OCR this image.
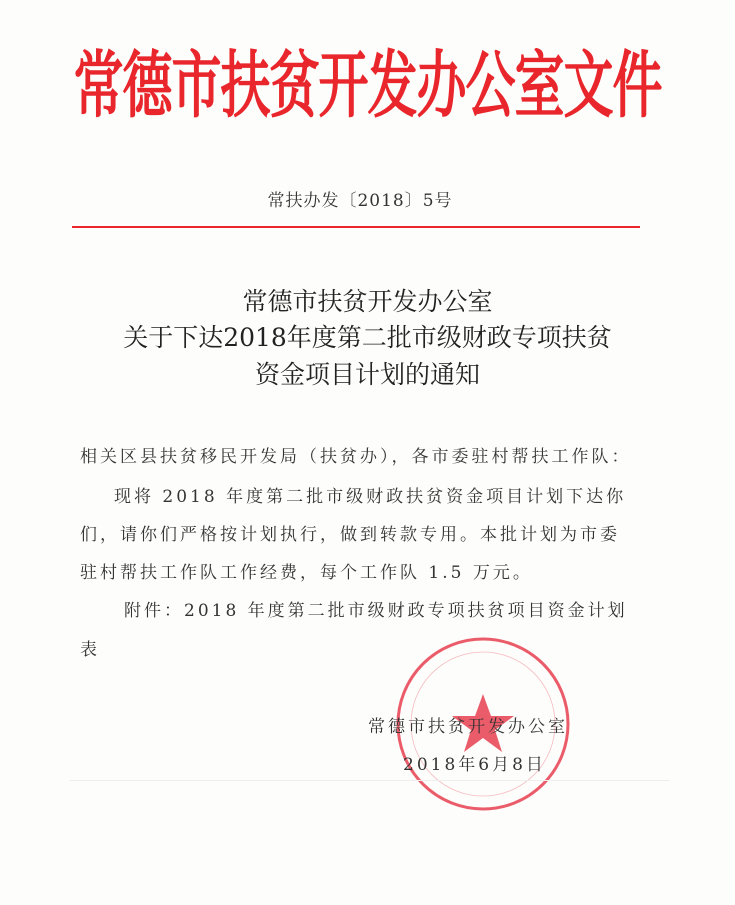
常德市扶贫开发办公室文件
常扶办发〔2018〕5号
常德市扶贫开发办公室
关于下达2018年度第二批市级财政专项扶贫
资金项目计划的通知
相关区县扶贫移民开发局（扶贫办），各市委驻村帮扶工作队：
现将 2018 年度第二批市级财政扶贫资金项目计划下达你
们，请你们严格按计划执行，做到转款专用。本批计划为市委
驻村帮扶工作队工作经费，每个工作队 1.5 万元。
附件：2018 年度第二批市级财政专项扶贫项目资金计划
表
常德市扶贫开发办公室
2018年6月8日
